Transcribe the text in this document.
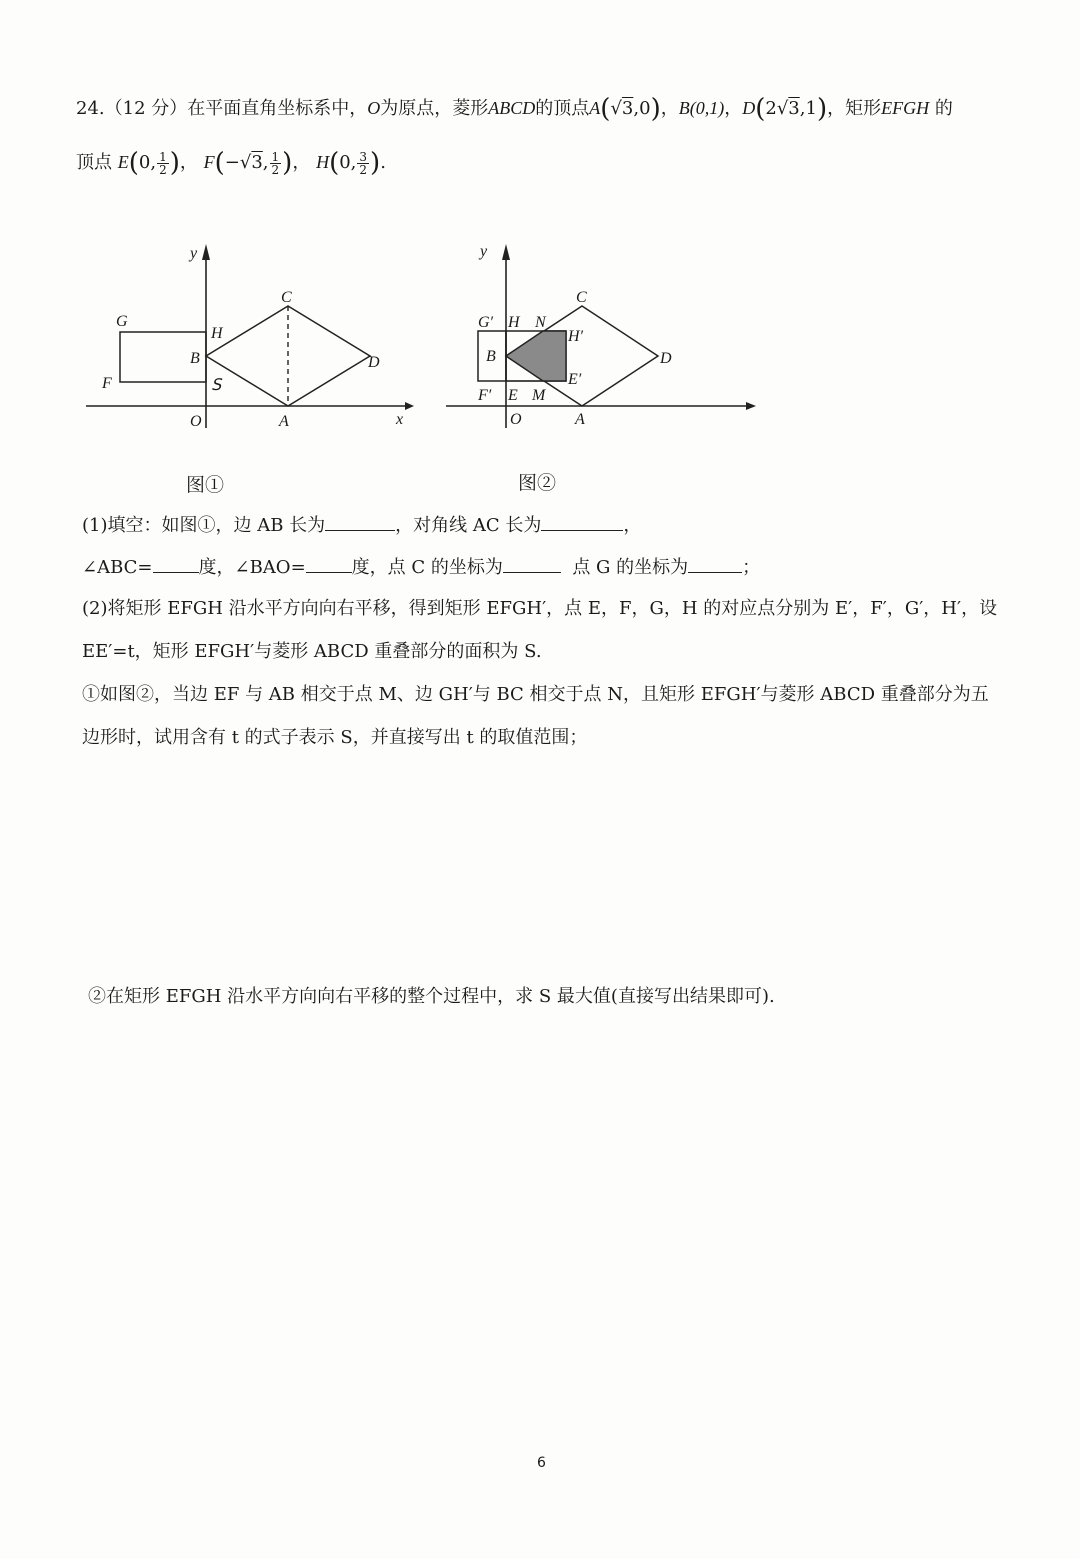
24.（12 分）在平面直角坐标系中，O为原点，菱形ABCD的顶点A(√3,0)，B(0,1)，D(2√3,1)，矩形EFGH 的
顶点 E(0, $\frac{1}{2}$ )， F(−√3, $\frac{1}{2}$ )， H(0, $\frac{3}{2}$ ).
y
x
O	A
B
C
D
G
H
F	ꓢ
图①
y
O	A
B
C
D
G′ H N
H′
E′
F′ E M
图②
(1)填空：如图①，边 AB 长为	，对角线 AC 长为	，
∠ABC=	度，∠BAO=	度，点 C 的坐标为	点 G 的坐标为	；
(2)将矩形 EFGH 沿水平方向向右平移，得到矩形 EFGH′，点 E，F，G，H 的对应点分别为 E′，F′，G′，H′，设
EE′=t，矩形 EFGH′与菱形 ABCD 重叠部分的面积为 S.
①如图②，当边 EF 与 AB 相交于点 M、边 GH′与 BC 相交于点 N，且矩形 EFGH′与菱形 ABCD 重叠部分为五
边形时，试用含有 t 的式子表示 S，并直接写出 t 的取值范围；
②在矩形 EFGH 沿水平方向向右平移的整个过程中，求 S 最大值(直接写出结果即可).
6
